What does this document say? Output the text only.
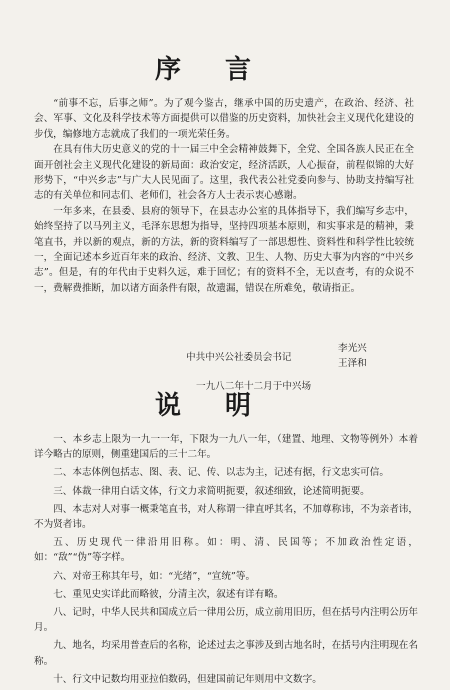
序言

“前事不忘，后事之师”。为了观今鉴古，继承中国的历史遗产，在政治、经济、社会、军事、文化及科学技术等方面提供可以借鉴的历史资料，加快社会主义现代化建设的步伐，编修地方志就成了我们的一项光荣任务。

在具有伟大历史意义的党的十一届三中全会精神鼓舞下，全党、全国各族人民正在全面开创社会主义现代化建设的新局面：政治安定，经济活跃，人心振奋，前程似锦的大好形势下，“中兴乡志”与广大人民见面了。这里，我代表公社党委向参与、协助支持编写社志的有关单位和同志们、老师们，社会各方人士表示衷心感谢。

一年多来，在县委、县府的领导下，在县志办公室的具体指导下，我们编写乡志中，始终坚持了以马列主义，毛泽东思想为指导，坚持四项基本原则，和实事求是的精神，秉笔直书，并以新的观点，新的方法，新的资料编写了一部思想性、资料性和科学性比较统一，全面记述本乡近百年来的政治、经济、文教、卫生、人物、历史大事为内容的“中兴乡志”。但是，有的年代由于史料久远，难于回忆；有的资料不全，无以查考，有的众说不一，费解费推断，加以诸方面条件有限，故遗漏，错误在所难免，敬请指正。

中共中兴公社委员会书记
李光兴
王泽和
一九八二年十二月于中兴场
说明

一、本乡志上限为一九一一年，下限为一九八一年，（建置、地理、文物等例外）本着详今略古的原则，侧重建国后的三十二年。

二、本志体例包括志、图、表、记、传、以志为主，记述有据，行文忠实可信。

三、体裁一律用白话文体，行文力求简明扼要，叙述细致，论述简明扼要。

四、本志对人对事一概秉笔直书，对人称谓一律直呼其名，不加尊称讳，不为亲者讳，不为贤者讳。

五、历史现代一律沿用旧称。如：明、清、民国等；不加政治性定语，如：“敌”“伪”等字样。

六、对帝王称其年号，如：“光绪”，“宣统”等。

七、重见史实详此而略彼，分清主次，叙述有详有略。

八、记时，中华人民共和国成立后一律用公历，成立前用旧历，但在括号内注明公历年月。

九、地名，均采用普查后的名称，论述过去之事涉及到古地名时，在括号内注明现在名称。

十、行文中记数均用亚拉伯数码，但建国前记年则用中文数字。
